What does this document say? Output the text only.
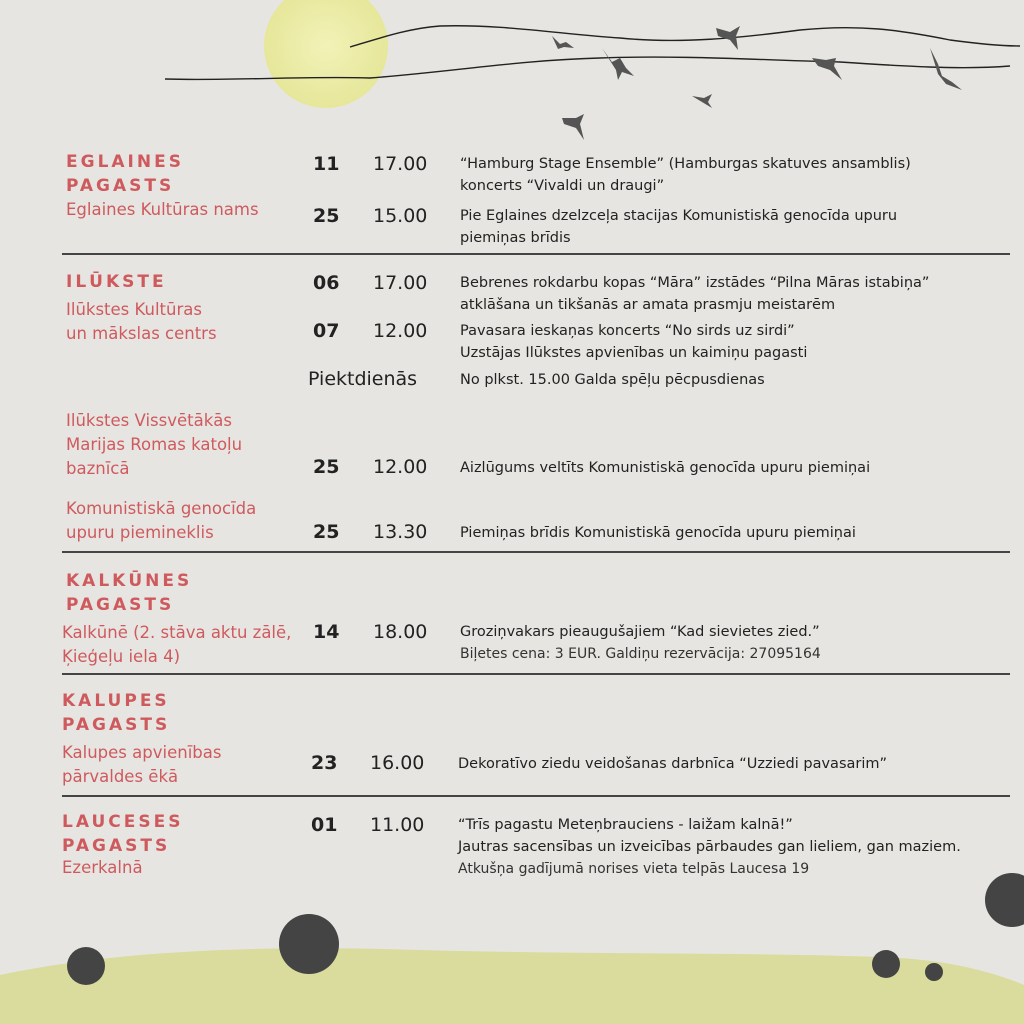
EGLAINES
PAGASTS
Eglaines Kultūras nams
11 17.00 “Hamburg Stage Ensemble” (Hamburgas skatuves ansamblis)
koncerts “Vivaldi un draugi”
25 15.00 Pie Eglaines dzelzceļa stacijas Komunistiskā genocīda upuru
piemiņas brīdis
ILŪKSTE
Ilūkstes Kultūras
un mākslas centrs
06 17.00 Bebrenes rokdarbu kopas “Māra” izstādes “Pilna Māras istabiņa”
atklāšana un tikšanās ar amata prasmju meistarēm
07 12.00 Pavasara ieskaņas koncerts “No sirds uz sirdi”
Uzstājas Ilūkstes apvienības un kaimiņu pagasti
Piektdienās	No plkst. 15.00 Galda spēļu pēcpusdienas
Ilūkstes Vissvētākās
Marijas Romas katoļu
baznīcā	25 12.00 Aizlūgums veltīts Komunistiskā genocīda upuru piemiņai
Komunistiskā genocīda
upuru piemineklis	25 13.30 Piemiņas brīdis Komunistiskā genocīda upuru piemiņai
KALKŪNES
PAGASTS
Kalkūnē (2. stāva aktu zālē,
Ķieģeļu iela 4)
14 18.00 Groziņvakars pieaugušajiem “Kad sievietes zied.”
Biļetes cena: 3 EUR. Galdiņu rezervācija: 27095164
KALUPES
PAGASTS
Kalupes apvienības
pārvaldes ēkā
23 16.00 Dekoratīvo ziedu veidošanas darbnīca “Uzziedi pavasarim”
LAUCESES
PAGASTS
Ezerkalnā
01 11.00 “Trīs pagastu Meteņbrauciens - laižam kalnā!”
Jautras sacensības un izveicības pārbaudes gan lieliem, gan maziem.
Atkušņa gadījumā norises vieta telpās Laucesa 19
